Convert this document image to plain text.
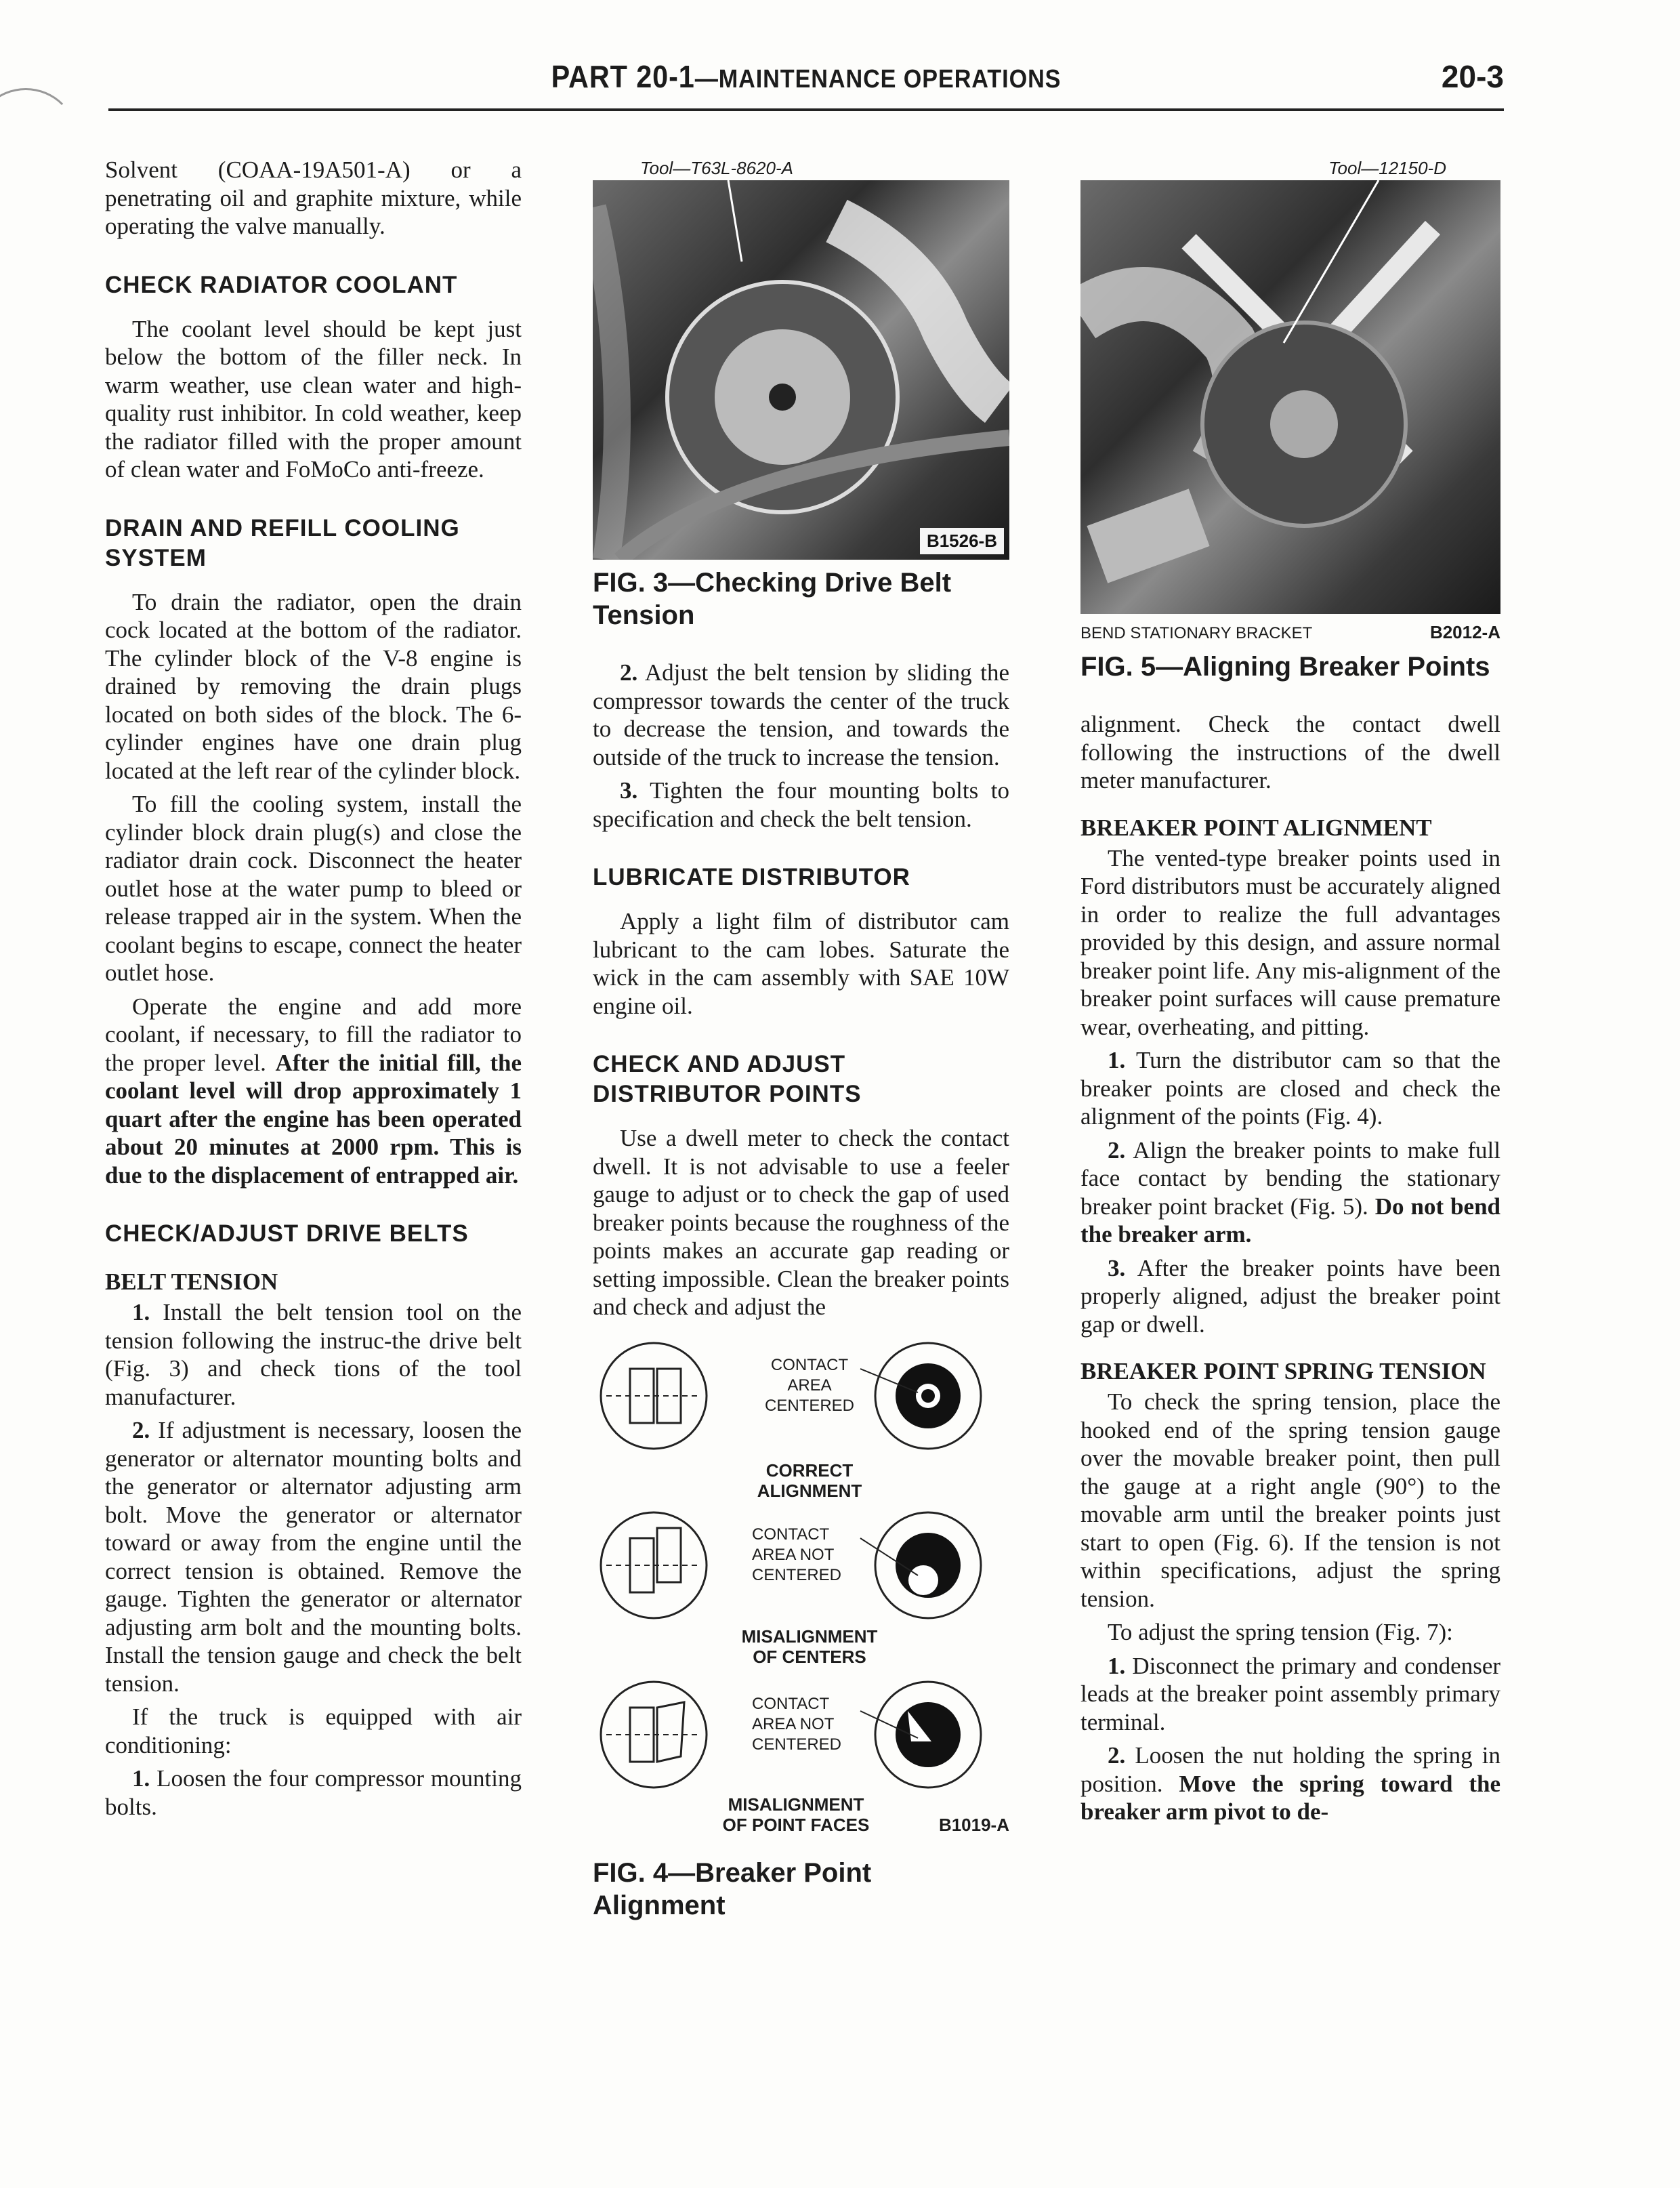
PART 20-1—MAINTENANCE OPERATIONS	20-3

Solvent (COAA-19A501-A) or a penetrating oil and graphite mixture, while operating the valve manually.

CHECK RADIATOR COOLANT

The coolant level should be kept just below the bottom of the filler neck. In warm weather, use clean water and high-quality rust inhibitor. In cold weather, keep the radiator filled with the proper amount of clean water and FoMoCo anti-freeze.

DRAIN AND REFILL COOLING SYSTEM

To drain the radiator, open the drain cock located at the bottom of the radiator. The cylinder block of the V-8 engine is drained by removing the drain plugs located on both sides of the block. The 6-cylinder engines have one drain plug located at the left rear of the cylinder block.

To fill the cooling system, install the cylinder block drain plug(s) and close the radiator drain cock. Disconnect the heater outlet hose at the water pump to bleed or release trapped air in the system. When the coolant begins to escape, connect the heater outlet hose.

Operate the engine and add more coolant, if necessary, to fill the radiator to the proper level. After the initial fill, the coolant level will drop approximately 1 quart after the engine has been operated about 20 minutes at 2000 rpm. This is due to the displacement of entrapped air.

CHECK/ADJUST DRIVE BELTS
BELT TENSION

1. Install the belt tension tool on the tension following the instruc-the drive belt (Fig. 3) and check tions of the tool manufacturer.

2. If adjustment is necessary, loosen the generator or alternator mounting bolts and the generator or alternator adjusting arm bolt. Move the generator or alternator toward or away from the engine until the correct tension is obtained. Remove the gauge. Tighten the generator or alternator adjusting arm bolt and the mounting bolts. Install the tension gauge and check the belt tension.

If the truck is equipped with air conditioning:

1. Loosen the four compressor mounting bolts.

Tool—T63L-8620-A
B1526-B
FIG. 3—Checking Drive Belt Tension

2. Adjust the belt tension by sliding the compressor towards the center of the truck to decrease the tension, and towards the outside of the truck to increase the tension.

3. Tighten the four mounting bolts to specification and check the belt tension.

LUBRICATE DISTRIBUTOR

Apply a light film of distributor cam lubricant to the cam lobes. Saturate the wick in the cam assembly with SAE 10W engine oil.

CHECK AND ADJUST DISTRIBUTOR POINTS

Use a dwell meter to check the contact dwell. It is not advisable to use a feeler gauge to adjust or to check the gap of used breaker points because the roughness of the points makes an accurate gap reading or setting impossible. Clean the breaker points and check and adjust the

CONTACT
AREA
CENTERED
CORRECT
ALIGNMENT
CONTACT
AREA NOT
CENTERED
MISALIGNMENT
OF CENTERS
CONTACT
AREA NOT
CENTERED
MISALIGNMENT
OF POINT FACES	B1019-A
FIG. 4—Breaker Point Alignment
Tool—12150-D
BEND STATIONARY BRACKET	B2012-A
FIG. 5—Aligning Breaker Points

alignment. Check the contact dwell following the instructions of the dwell meter manufacturer.

BREAKER POINT ALIGNMENT

The vented-type breaker points used in Ford distributors must be accurately aligned in order to realize the full advantages provided by this design, and assure normal breaker point life. Any mis-alignment of the breaker point surfaces will cause premature wear, overheating, and pitting.

1. Turn the distributor cam so that the breaker points are closed and check the alignment of the points (Fig. 4).

2. Align the breaker points to make full face contact by bending the stationary breaker point bracket (Fig. 5). Do not bend the breaker arm.

3. After the breaker points have been properly aligned, adjust the breaker point gap or dwell.

BREAKER POINT SPRING TENSION

To check the spring tension, place the hooked end of the spring tension gauge over the movable breaker point, then pull the gauge at a right angle (90°) to the movable arm until the breaker points just start to open (Fig. 6). If the tension is not within specifications, adjust the spring tension.

To adjust the spring tension (Fig. 7):

1. Disconnect the primary and condenser leads at the breaker point assembly primary terminal.

2. Loosen the nut holding the spring in position. Move the spring toward the breaker arm pivot to de-
